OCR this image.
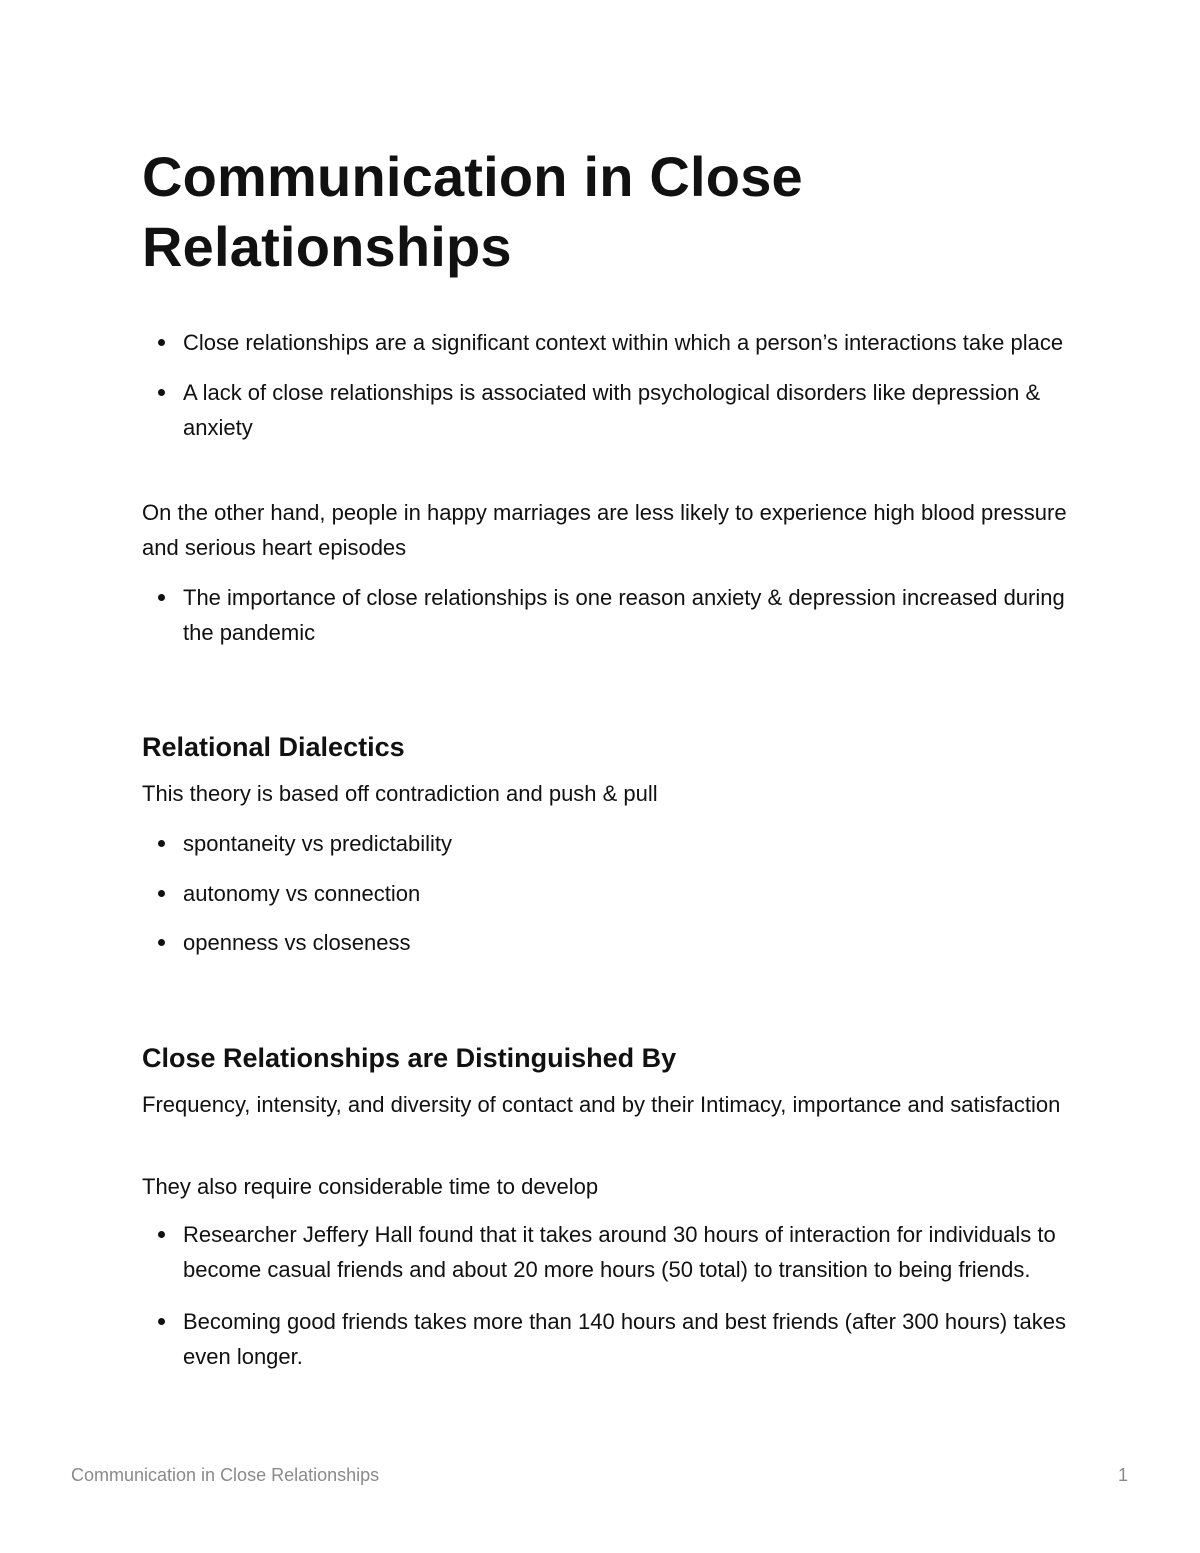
Communication in Close Relationships
Close relationships are a significant context within which a person’s interactions take place
A lack of close relationships is associated with psychological disorders like depression & anxiety

On the other hand, people in happy marriages are less likely to experience high blood pressure and serious heart episodes

The importance of close relationships is one reason anxiety & depression increased during the pandemic
Relational Dialectics

This theory is based off contradiction and push & pull

spontaneity vs predictability
autonomy vs connection
openness vs closeness
Close Relationships are Distinguished By

Frequency, intensity, and diversity of contact and by their Intimacy, importance and satisfaction

They also require considerable time to develop

Researcher Jeffery Hall found that it takes around 30 hours of interaction for individuals to become casual friends and about 20 more hours (50 total) to transition to being friends.
Becoming good friends takes more than 140 hours and best friends (after 300 hours) takes even longer.
Communication in Close Relationships	1
